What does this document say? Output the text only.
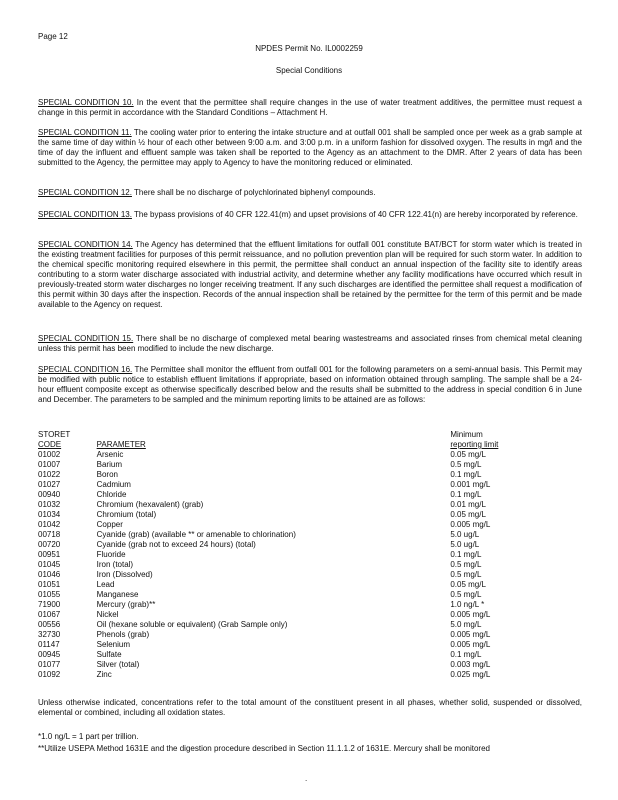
Page 12
NPDES Permit No. IL0002259
Special Conditions

SPECIAL CONDITION 10. In the event that the permittee shall require changes in the use of water treatment additives, the permittee must request a change in this permit in accordance with the Standard Conditions – Attachment H.

SPECIAL CONDITION 11. The cooling water prior to entering the intake structure and at outfall 001 shall be sampled once per week as a grab sample at the same time of day within ½ hour of each other between 9:00 a.m. and 3:00 p.m. in a uniform fashion for dissolved oxygen. The results in mg/l and the time of day the influent and effluent sample was taken shall be reported to the Agency as an attachment to the DMR. After 2 years of data has been submitted to the Agency, the permittee may apply to Agency to have the monitoring reduced or eliminated.

SPECIAL CONDITION 12. There shall be no discharge of polychlorinated biphenyl compounds.

SPECIAL CONDITION 13. The bypass provisions of 40 CFR 122.41(m) and upset provisions of 40 CFR 122.41(n) are hereby incorporated by reference.

SPECIAL CONDITION 14. The Agency has determined that the effluent limitations for outfall 001 constitute BAT/BCT for storm water which is treated in the existing treatment facilities for purposes of this permit reissuance, and no pollution prevention plan will be required for such storm water. In addition to the chemical specific monitoring required elsewhere in this permit, the permittee shall conduct an annual inspection of the facility site to identify areas contributing to a storm water discharge associated with industrial activity, and determine whether any facility modifications have occurred which result in previously-treated storm water discharges no longer receiving treatment. If any such discharges are identified the permittee shall request a modification of this permit within 30 days after the inspection. Records of the annual inspection shall be retained by the permittee for the term of this permit and be made available to the Agency on request.

SPECIAL CONDITION 15. There shall be no discharge of complexed metal bearing wastestreams and associated rinses from chemical metal cleaning unless this permit has been modified to include the new discharge.

SPECIAL CONDITION 16. The Permittee shall monitor the effluent from outfall 001 for the following parameters on a semi-annual basis. This Permit may be modified with public notice to establish effluent limitations if appropriate, based on information obtained through sampling. The sample shall be a 24-hour effluent composite except as otherwise specifically described below and the results shall be submitted to the address in special condition 6 in June and December. The parameters to be sampled and the minimum reporting limits to be attained are as follows:

STORET		Minimum
CODE	PARAMETER	reporting limit
01002	Arsenic	0.05 mg/L
01007	Barium	0.5 mg/L
01022	Boron	0.1 mg/L
01027	Cadmium	0.001 mg/L
00940	Chloride	0.1 mg/L
01032	Chromium (hexavalent) (grab)	0.01 mg/L
01034	Chromium (total)	0.05 mg/L
01042	Copper	0.005 mg/L
00718	Cyanide (grab) (available ** or amenable to chlorination)	5.0 ug/L
00720	Cyanide (grab not to exceed 24 hours) (total)	5.0 ug/L
00951	Fluoride	0.1 mg/L
01045	Iron (total)	0.5 mg/L
01046	Iron (Dissolved)	0.5 mg/L
01051	Lead	0.05 mg/L
01055	Manganese	0.5 mg/L
71900	Mercury (grab)**	1.0 ng/L *
01067	Nickel	0.005 mg/L
00556	Oil (hexane soluble or equivalent) (Grab Sample only)	5.0 mg/L
32730	Phenols (grab)	0.005 mg/L
01147	Selenium	0.005 mg/L
00945	Sulfate	0.1 mg/L
01077	Silver (total)	0.003 mg/L
01092	Zinc	0.025 mg/L
Unless otherwise indicated, concentrations refer to the total amount of the constituent present in all phases, whether solid, suspended or dissolved, elemental or combined, including all oxidation states.
*1.0 ng/L = 1 part per trillion.
**Utilize USEPA Method 1631E and the digestion procedure described in Section 11.1.1.2 of 1631E. Mercury shall be monitored
.
